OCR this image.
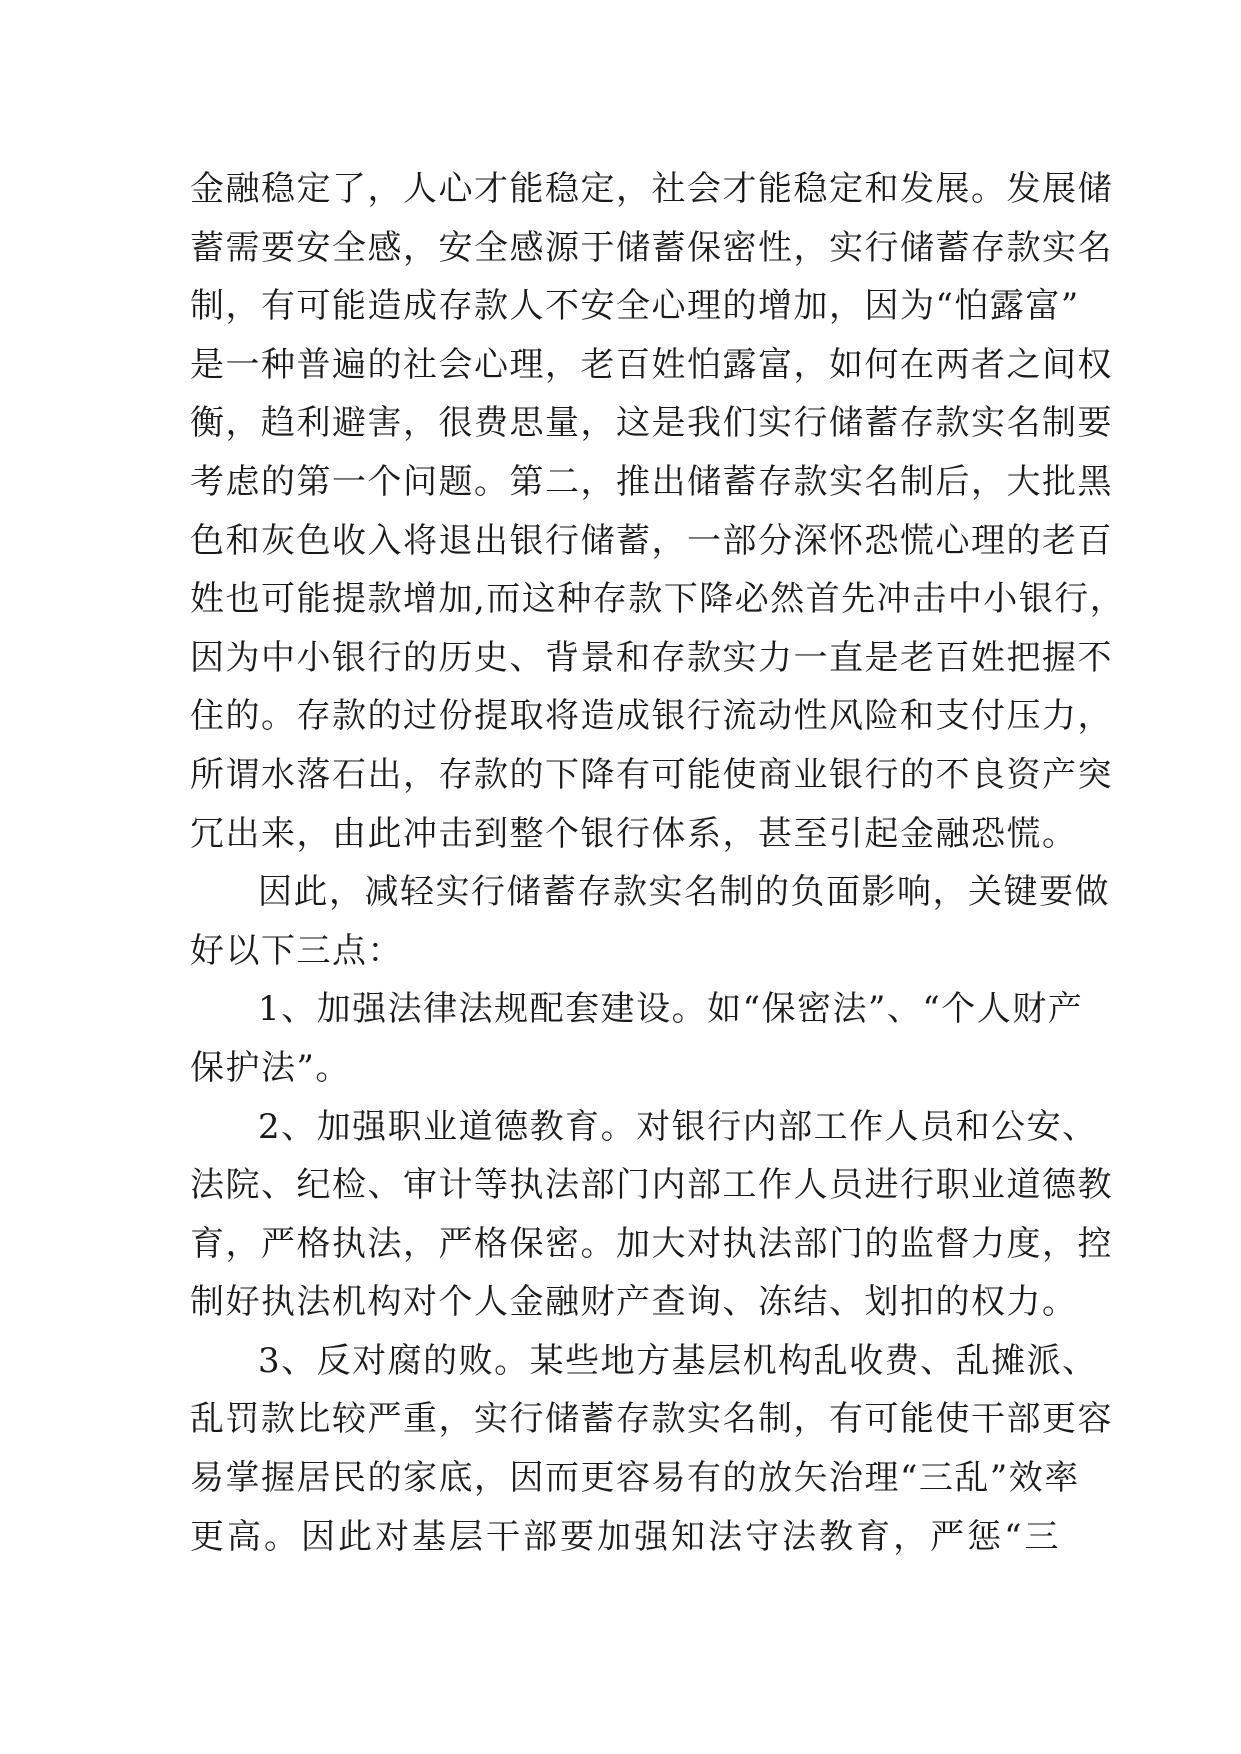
金融稳定了，人心才能稳定，社会才能稳定和发展。发展储
蓄需要安全感，安全感源于储蓄保密性，实行储蓄存款实名
制，有可能造成存款人不安全心理的增加，因为“怕露富”
是一种普遍的社会心理，老百姓怕露富，如何在两者之间权
衡，趋利避害，很费思量，这是我们实行储蓄存款实名制要
考虑的第一个问题。第二，推出储蓄存款实名制后，大批黑
色和灰色收入将退出银行储蓄，一部分深怀恐慌心理的老百
姓也可能提款增加,而这种存款下降必然首先冲击中小银行，
因为中小银行的历史、背景和存款实力一直是老百姓把握不
住的。存款的过份提取将造成银行流动性风险和支付压力，
所谓水落石出，存款的下降有可能使商业银行的不良资产突
冗出来，由此冲击到整个银行体系，甚至引起金融恐慌。
因此，减轻实行储蓄存款实名制的负面影响，关键要做
好以下三点：
1、加强法律法规配套建设。如“保密法”、“个人财产
保护法”。
2、加强职业道德教育。对银行内部工作人员和公安、
法院、纪检、审计等执法部门内部工作人员进行职业道德教
育，严格执法，严格保密。加大对执法部门的监督力度，控
制好执法机构对个人金融财产查询、冻结、划扣的权力。
3、反对腐的败。某些地方基层机构乱收费、乱摊派、
乱罚款比较严重，实行储蓄存款实名制，有可能使干部更容
易掌握居民的家底，因而更容易有的放矢治理“三乱”效率
更高。因此对基层干部要加强知法守法教育，严惩“三
